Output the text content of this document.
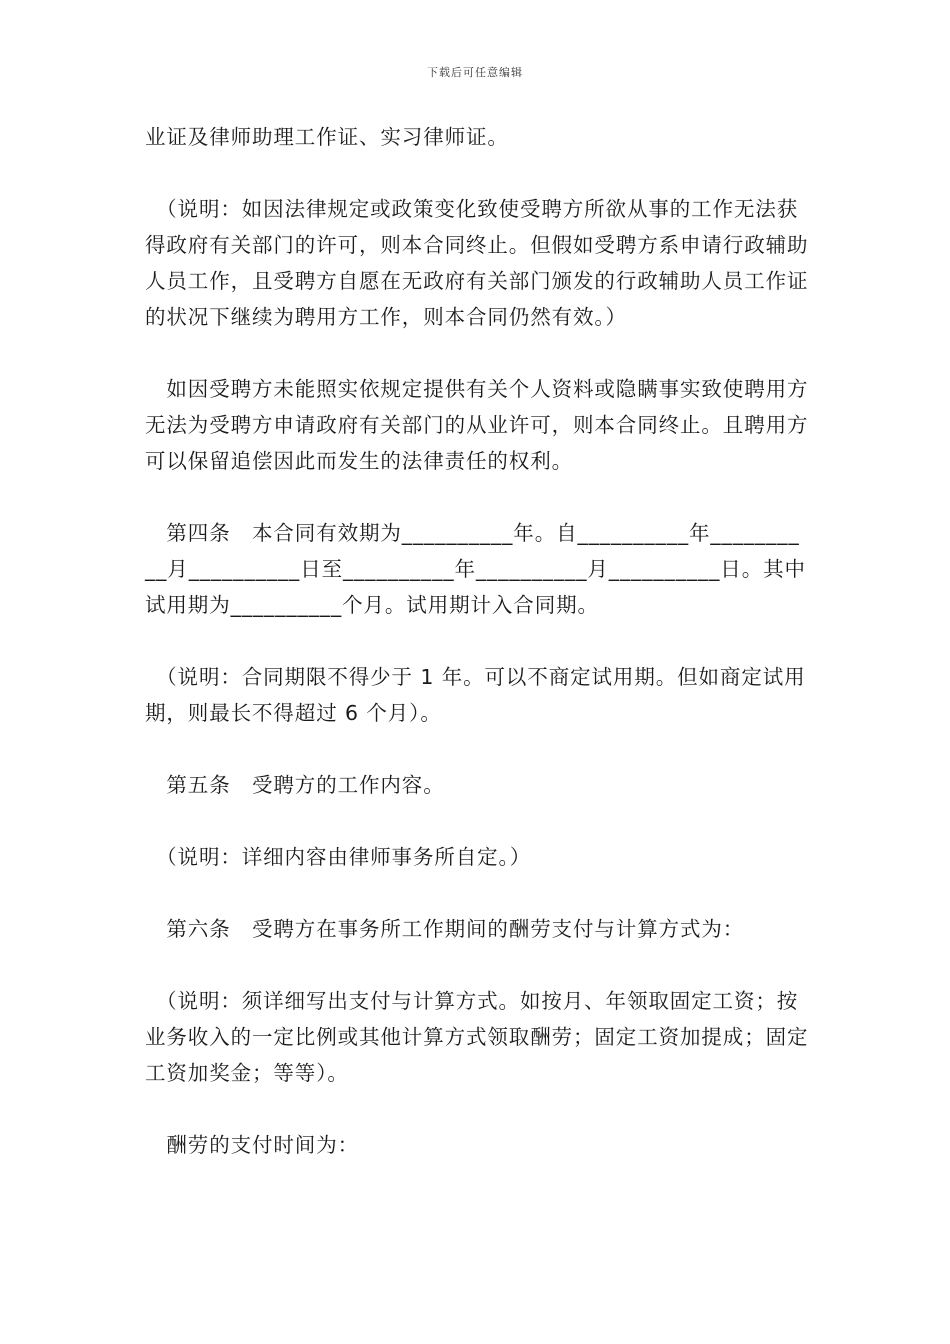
下载后可任意编辑

业证及律师助理工作证、实习律师证。

　（说明：如因法律规定或政策变化致使受聘方所欲从事的工作无法获得政府有关部门的许可，则本合同终止。但假如受聘方系申请行政辅助人员工作，且受聘方自愿在无政府有关部门颁发的行政辅助人员工作证的状况下继续为聘用方工作，则本合同仍然有效。）

　如因受聘方未能照实依规定提供有关个人资料或隐瞒事实致使聘用方无法为受聘方申请政府有关部门的从业许可，则本合同终止。且聘用方可以保留追偿因此而发生的法律责任的权利。

　第四条　本合同有效期为__________年。自__________年__________月__________日至__________年__________月__________日。其中试用期为__________个月。试用期计入合同期。

　（说明：合同期限不得少于 1 年。可以不商定试用期。但如商定试用期，则最长不得超过 6 个月）。

　第五条　受聘方的工作内容。

　（说明：详细内容由律师事务所自定。）

　第六条　受聘方在事务所工作期间的酬劳支付与计算方式为：

　（说明：须详细写出支付与计算方式。如按月、年领取固定工资；按业务收入的一定比例或其他计算方式领取酬劳；固定工资加提成；固定工资加奖金；等等）。

　酬劳的支付时间为：
